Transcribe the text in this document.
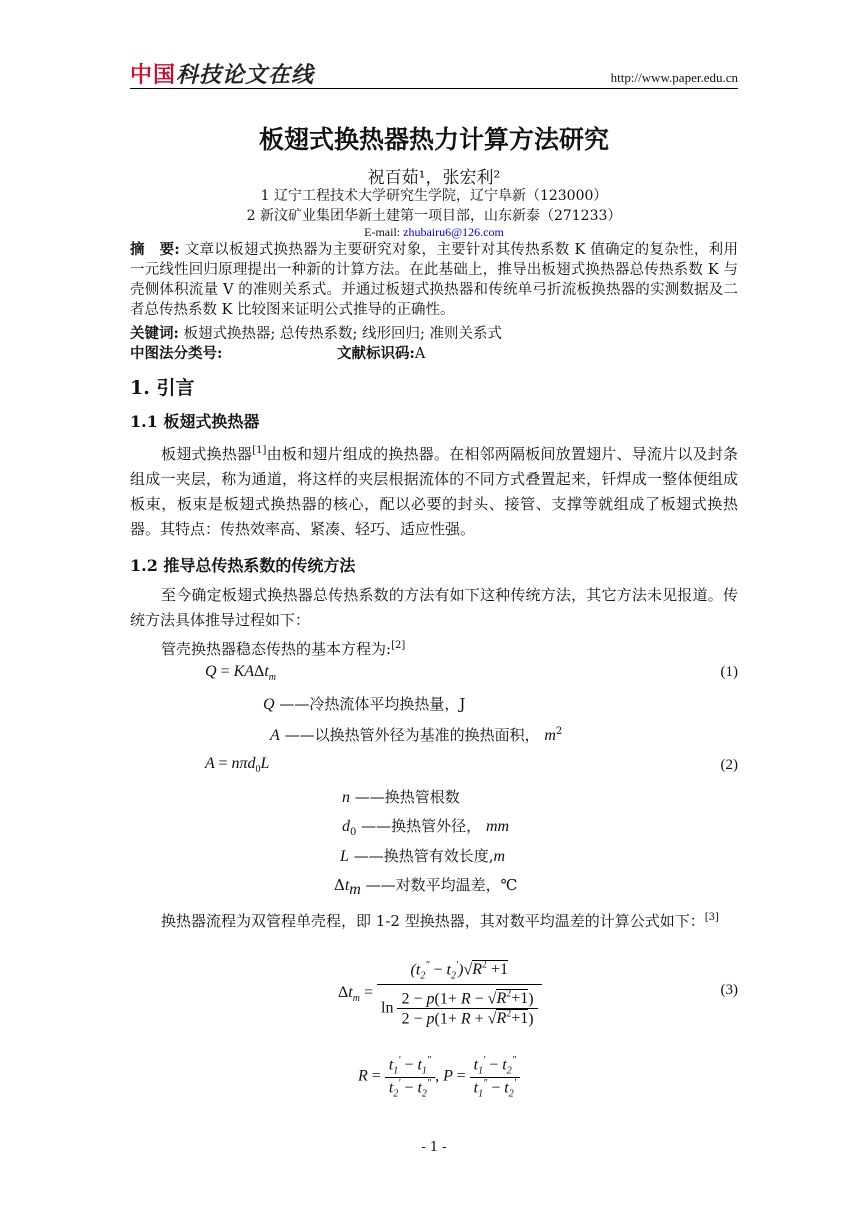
中国科技论文在线	http://www.paper.edu.cn
板翅式换热器热力计算方法研究
祝百茹¹，张宏利²
1 辽宁工程技术大学研究生学院，辽宁阜新（123000）
2 新汶矿业集团华新土建第一项目部，山东新泰（271233）
E-mail: zhubairu6@126.com
摘　要: 文章以板翅式换热器为主要研究对象，主要针对其传热系数 K 值确定的复杂性，利用一元线性回归原理提出一种新的计算方法。在此基础上，推导出板翅式换热器总传热系数 K 与壳侧体积流量 V 的准则关系式。并通过板翅式换热器和传统单弓折流板换热器的实测数据及二者总传热系数 K 比较图来证明公式推导的正确性。
关键词: 板翅式换热器; 总传热系数; 线形回归; 准则关系式
中图法分类号:	文献标识码:A
1. 引言
1.1 板翅式换热器
板翅式换热器[1]由板和翅片组成的换热器。在相邻两隔板间放置翅片、导流片以及封条组成一夹层，称为通道，将这样的夹层根据流体的不同方式叠置起来，钎焊成一整体便组成板束，板束是板翅式换热器的核心，配以必要的封头、接管、支撑等就组成了板翅式换热器。其特点：传热效率高、紧凑、轻巧、适应性强。
1.2 推导总传热系数的传统方法
至今确定板翅式换热器总传热系数的方法有如下这种传统方法，其它方法未见报道。传统方法具体推导过程如下：
管壳换热器稳态传热的基本方程为:[2]
Q = KAΔt$_m$	(1)
Q ——冷热流体平均换热量，J
A ——以换热管外径为基准的换热面积， $m^2$
A = nπd$_0$L	(2)
n ——换热管根数
$d_0$ ——换热管外径， mm
L ——换热管有效长度,m
$\Delta t_m$ ——对数平均温差，℃
换热器流程为双管程单壳程，即 1-2 型换热器，其对数平均温差的计算公式如下：[3]
$\Delta t_m$ =
$(t_2^" - t_2')√R^2 +1$
$\ln \frac{2 - p(1+ R - √R^2+1)}{2 - p(1+ R + √R^2+1)}$	(3)
$R = \frac{t_1' - t_1^"}{t_2' - t_2^"}$ , $P = \frac{t_1' - t_2^"}{t_1^" - t_2'}$
- 1 -
